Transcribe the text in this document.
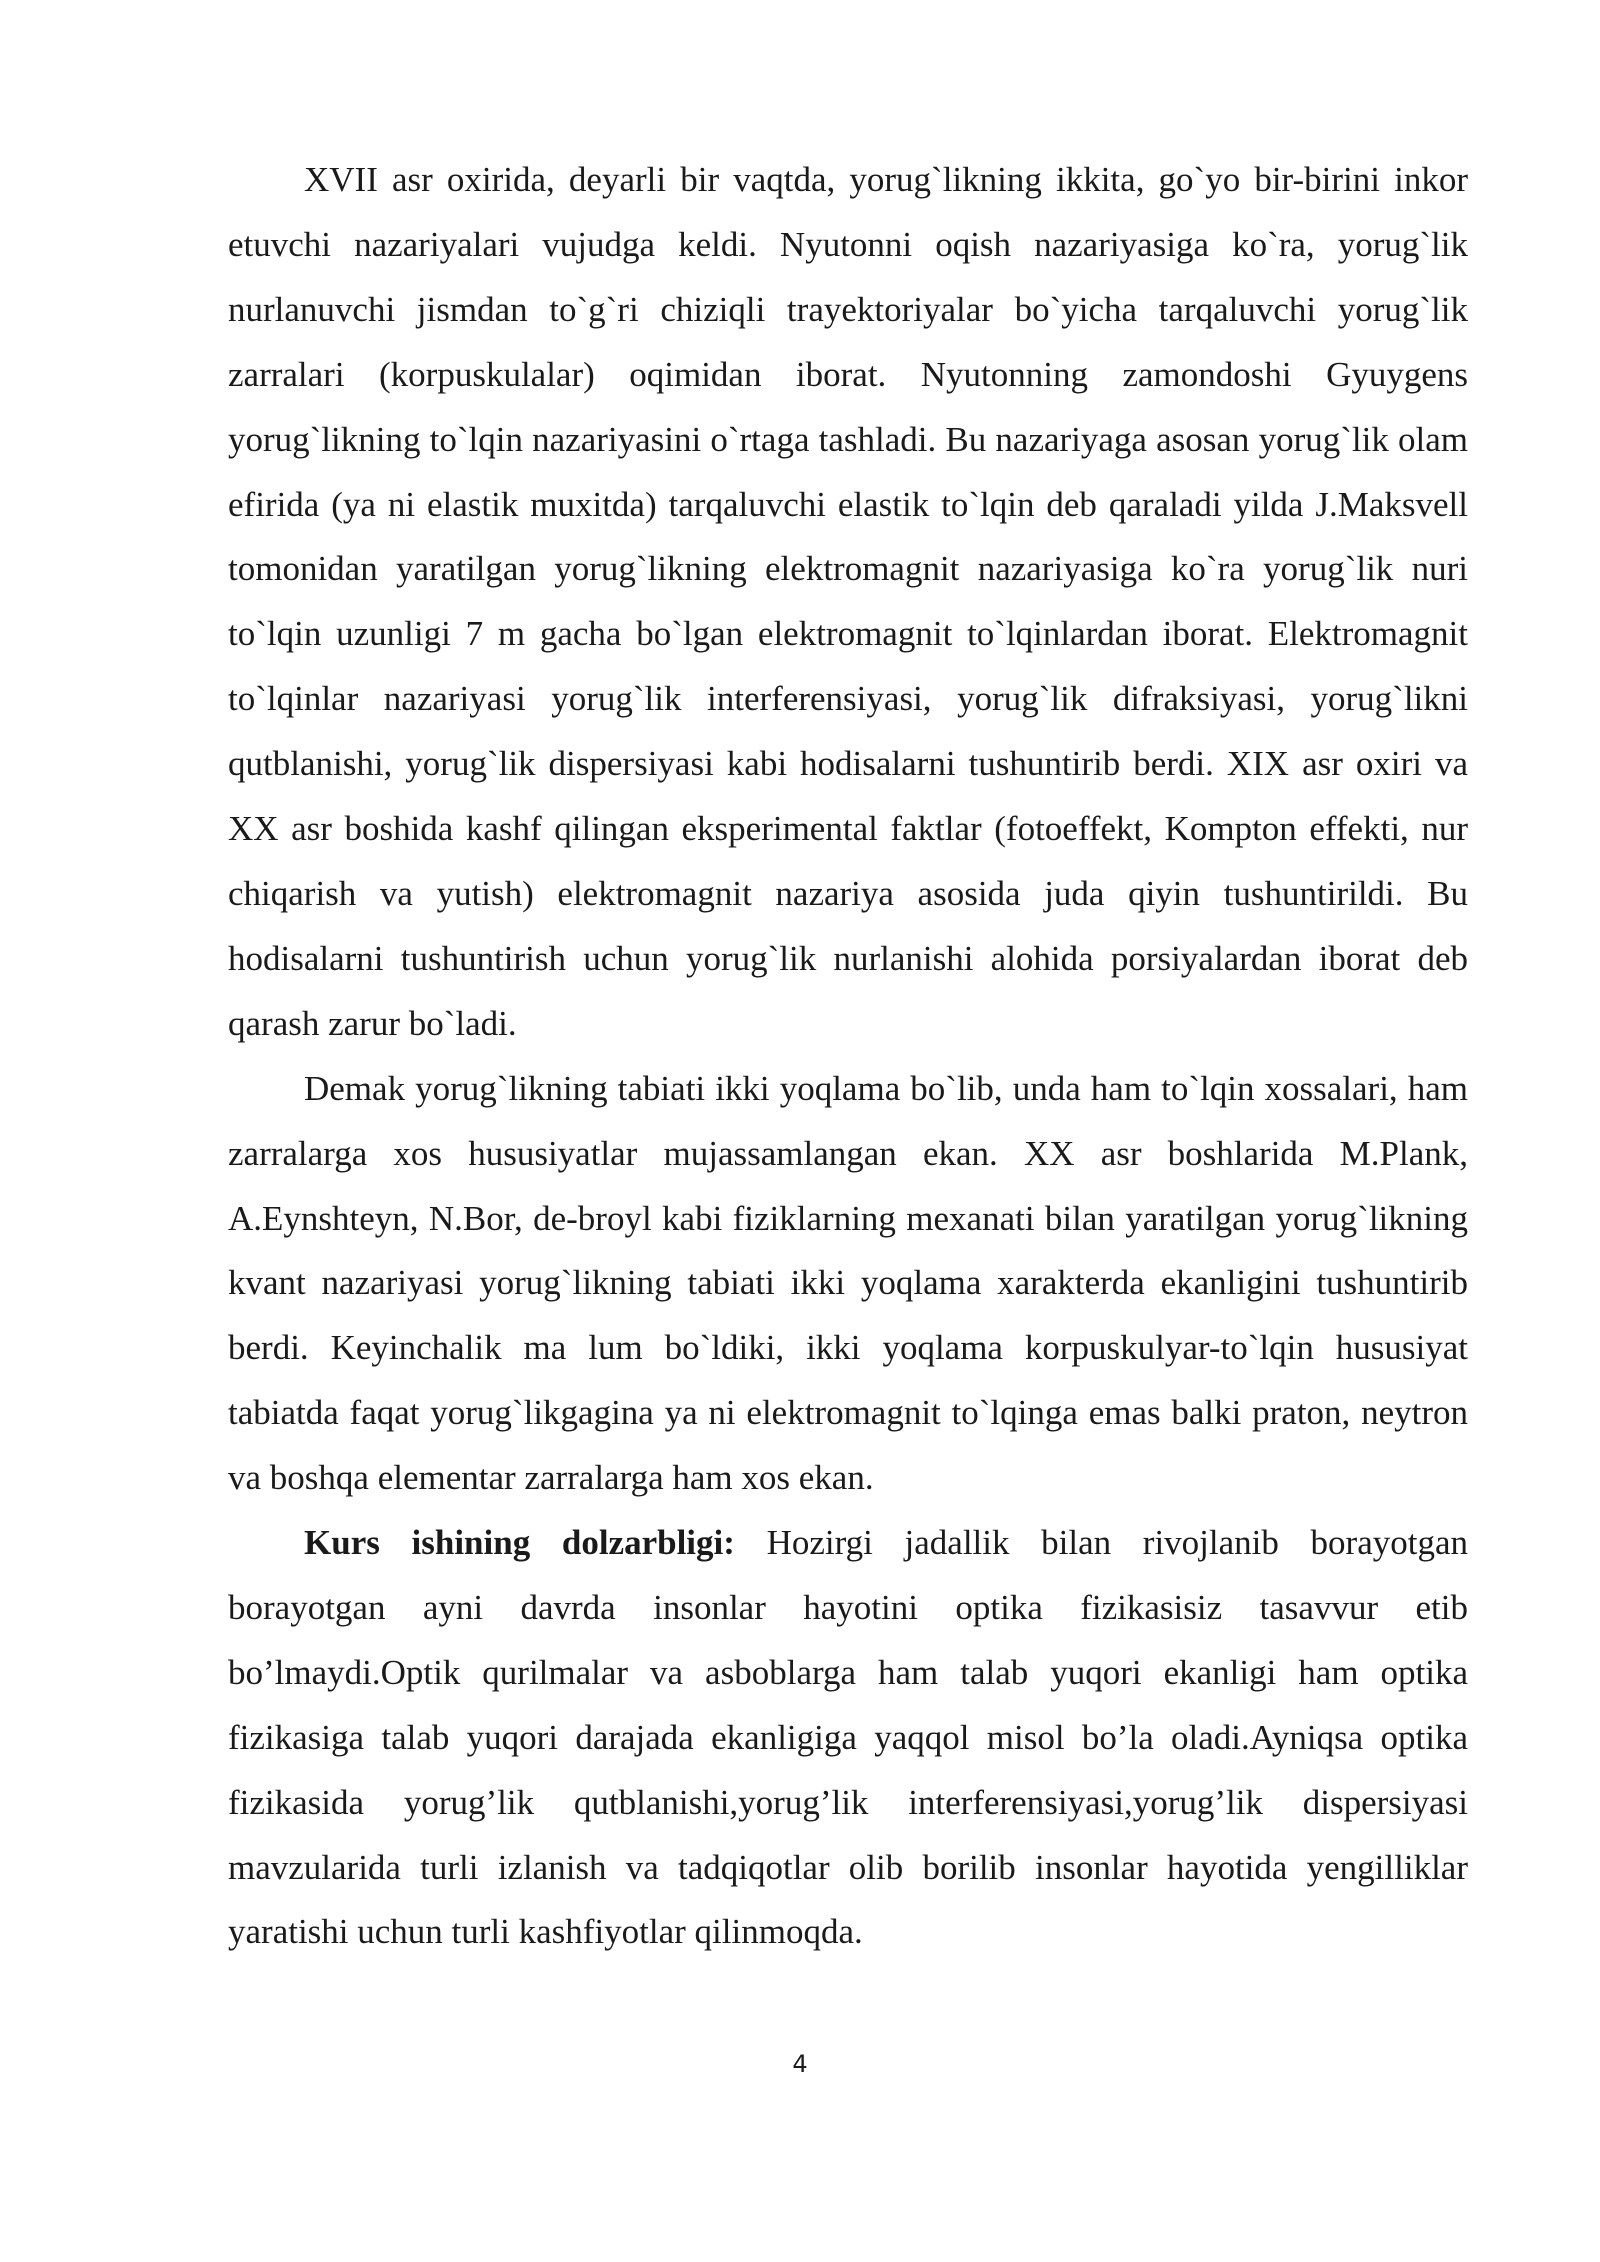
XVII asr oxirida, deyarli bir vaqtda, yorug`likning ikkita, go`yo bir-birini inkor etuvchi nazariyalari vujudga keldi. Nyutonni oqish nazariyasiga ko`ra, yorug`lik nurlanuvchi jismdan to`g`ri chiziqli trayektoriyalar bo`yicha tarqaluvchi yorug`lik zarralari (korpuskulalar) oqimidan iborat. Nyutonning zamondoshi Gyuygens yorug`likning to`lqin nazariyasini o`rtaga tashladi. Bu nazariyaga asosan yorug`lik olam efirida (ya ni elastik muxitda) tarqaluvchi elastik to`lqin deb qaraladi yilda J.Maksvell tomonidan yaratilgan yorug`likning elektromagnit nazariyasiga ko`ra yorug`lik nuri to`lqin uzunligi 7 m gacha bo`lgan elektromagnit to`lqinlardan iborat. Elektromagnit to`lqinlar nazariyasi yorug`lik interferensiyasi, yorug`lik difraksiyasi, yorug`likni qutblanishi, yorug`lik dispersiyasi kabi hodisalarni tushuntirib berdi. XIX asr oxiri va XX asr boshida kashf qilingan eksperimental faktlar (fotoeffekt, Kompton effekti, nur chiqarish va yutish) elektromagnit nazariya asosida juda qiyin tushuntirildi. Bu hodisalarni tushuntirish uchun yorug`lik nurlanishi alohida porsiyalardan iborat deb qarash zarur bo`ladi.

Demak yorug`likning tabiati ikki yoqlama bo`lib, unda ham to`lqin xossalari, ham zarralarga xos hususiyatlar mujassamlangan ekan. XX asr boshlarida M.Plank, A.Eynshteyn, N.Bor, de-broyl kabi fiziklarning mexanati bilan yaratilgan yorug`likning kvant nazariyasi yorug`likning tabiati ikki yoqlama xarakterda ekanligini tushuntirib berdi. Keyinchalik ma lum bo`ldiki, ikki yoqlama korpuskulyar-to`lqin hususiyat tabiatda faqat yorug`likgagina ya ni elektromagnit to`lqinga emas balki praton, neytron va boshqa elementar zarralarga ham xos ekan.

Kurs ishining dolzarbligi: Hozirgi jadallik bilan rivojlanib borayotgan borayotgan ayni davrda insonlar hayotini optika fizikasisiz tasavvur etib bo’lmaydi.Optik qurilmalar va asboblarga ham talab yuqori ekanligi ham optika fizikasiga talab yuqori darajada ekanligiga yaqqol misol bo’la oladi.Ayniqsa optika fizikasida yorug’lik qutblanishi,yorug’lik interferensiyasi,yorug’lik dispersiyasi mavzularida turli izlanish va tadqiqotlar olib borilib insonlar hayotida yengilliklar yaratishi uchun turli kashfiyotlar qilinmoqda.

4
